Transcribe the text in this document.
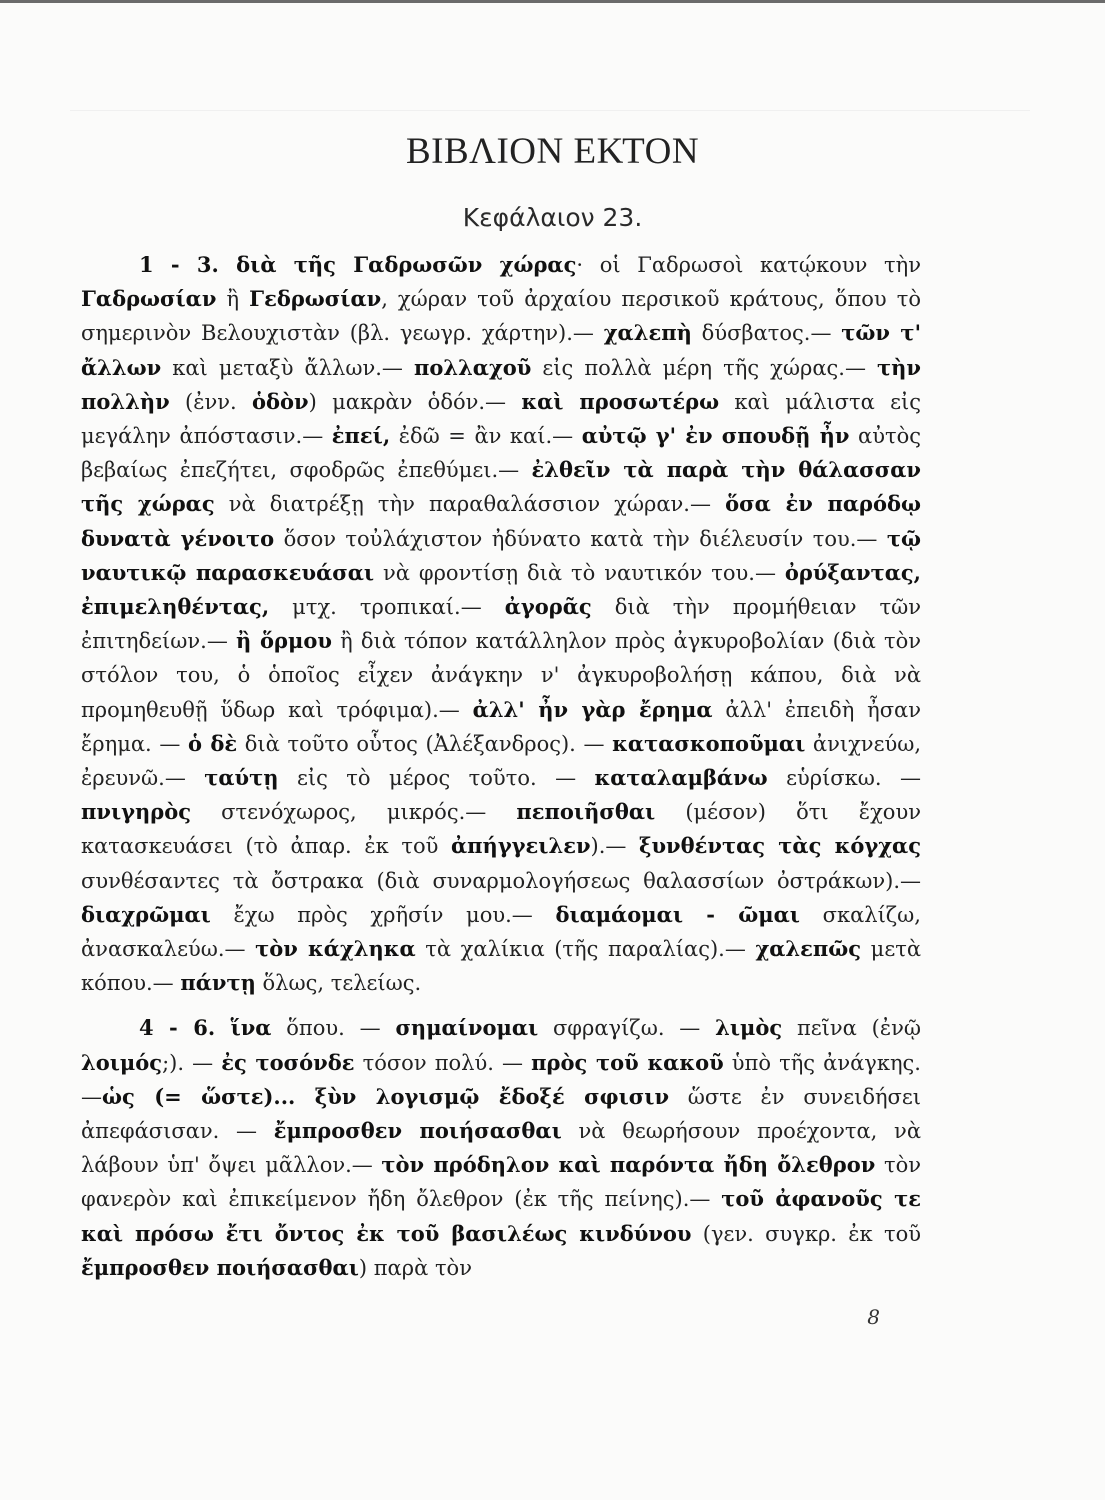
ΒΙΒΛΙΟΝ ΕΚΤΟΝ
Κεφάλαιον 23.

1 - 3. διὰ τῆς Γαδρωσῶν χώρας· οἱ Γαδρωσοὶ κατῴκουν τὴν Γαδρωσίαν ἢ Γεδρωσίαν, χώραν τοῦ ἀρχαίου περσικοῦ κράτους, ὅπου τὸ σημερινὸν Βελουχιστὰν (βλ. γεωγρ. χάρτην).— χαλεπὴ δύσβατος.— τῶν τ' ἄλλων καὶ μεταξὺ ἄλλων.— πολλαχοῦ εἰς πολλὰ μέρη τῆς χώρας.— τὴν πολλὴν (ἐνν. ὁδὸν) μακρὰν ὁδόν.— καὶ προσωτέρω καὶ μάλιστα εἰς μεγάλην ἀπόστασιν.— ἐπεί, ἐδῶ = ἂν καί.— αὐτῷ γ' ἐν σπουδῇ ἦν αὐτὸς βεβαίως ἐπεζήτει, σφοδρῶς ἐπεθύμει.— ἐλθεῖν τὰ παρὰ τὴν θάλασσαν τῆς χώρας νὰ διατρέξῃ τὴν παραθαλάσσιον χώραν.— ὅσα ἐν παρόδῳ δυνατὰ γένοιτο ὅσον τοὐλάχιστον ἠδύνατο κατὰ τὴν διέλευσίν του.— τῷ ναυτικῷ παρασκευάσαι νὰ φροντίσῃ διὰ τὸ ναυτικόν του.— ὀρύξαντας, ἐπιμεληθέντας, μτχ. τροπικαί.— ἀγορᾶς διὰ τὴν προμήθειαν τῶν ἐπιτηδείων.— ἢ ὅρμου ἢ διὰ τόπον κατάλληλον πρὸς ἀγκυροβολίαν (διὰ τὸν στόλον του, ὁ ὁποῖος εἶχεν ἀνάγκην ν' ἀγκυροβολήσῃ κάπου, διὰ νὰ προμηθευθῇ ὕδωρ καὶ τρόφιμα).— ἀλλ' ἦν γὰρ ἔρημα ἀλλ' ἐπειδὴ ἦσαν ἔρημα. — ὁ δὲ διὰ τοῦτο οὗτος (Ἀλέξανδρος). — κατασκοποῦμαι ἀνιχνεύω, ἐρευνῶ.— ταύτῃ εἰς τὸ μέρος τοῦτο. — καταλαμβάνω εὑρίσκω. — πνιγηρὸς στενόχωρος, μικρός.— πεποιῆσθαι (μέσον) ὅτι ἔχουν κατασκευάσει (τὸ ἀπαρ. ἐκ τοῦ ἀπήγγειλεν).— ξυνθέντας τὰς κόγχας συνθέσαντες τὰ ὄστρακα (διὰ συναρμολογήσεως θαλασσίων ὀστράκων).— διαχρῶμαι ἔχω πρὸς χρῆσίν μου.— διαμάομαι - ῶμαι σκαλίζω, ἀνασκαλεύω.— τὸν κάχληκα τὰ χαλίκια (τῆς παραλίας).— χαλεπῶς μετὰ κόπου.— πάντῃ ὅλως, τελείως.

4 - 6. ἵνα ὅπου. — σημαίνομαι σφραγίζω. — λιμὸς πεῖνα (ἐνῷ λοιμός;). — ἐς τοσόνδε τόσον πολύ. — πρὸς τοῦ κακοῦ ὑπὸ τῆς ἀνάγκης.—ὡς (= ὥστε)... ξὺν λογισμῷ ἔδοξέ σφισιν ὥστε ἐν συνειδήσει ἀπεφάσισαν. — ἔμπροσθεν ποιήσασθαι νὰ θεωρήσουν προέχοντα, νὰ λάβουν ὑπ' ὄψει μᾶλλον.— τὸν πρόδηλον καὶ παρόντα ἤδη ὄλεθρον τὸν φανερὸν καὶ ἐπικείμενον ἤδη ὄλεθρον (ἐκ τῆς πείνης).— τοῦ ἀφανοῦς τε καὶ πρόσω ἔτι ὄντος ἐκ τοῦ βασιλέως κινδύνου (γεν. συγκρ. ἐκ τοῦ ἔμπροσθεν ποιήσασθαι) παρὰ τὸν

8
